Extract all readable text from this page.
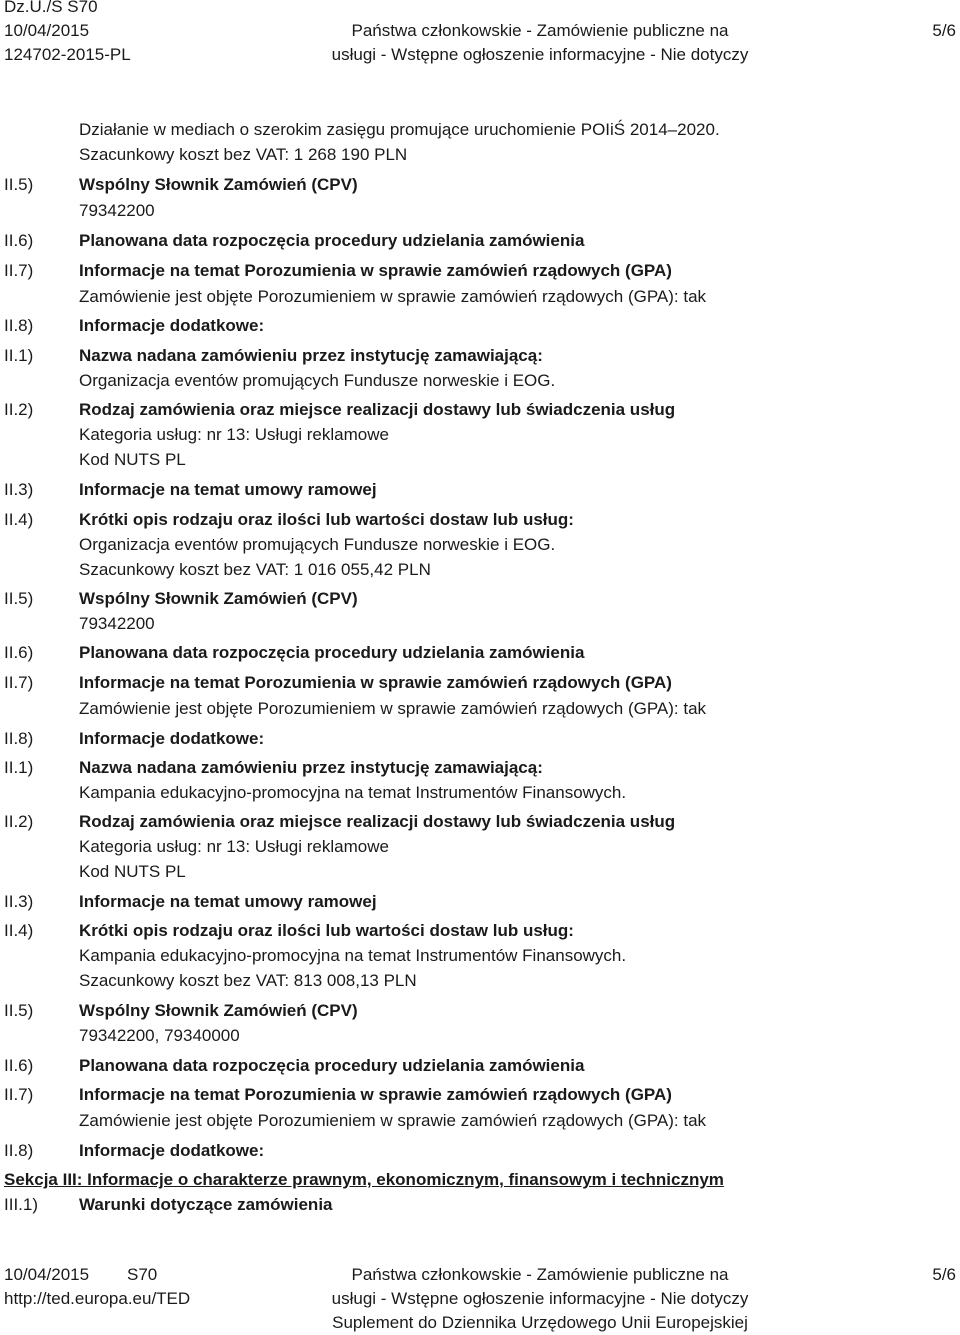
Dz.U./S S70
10/04/2015
124702-2015-PL
Państwa członkowskie - Zamówienie publiczne na
usługi - Wstępne ogłoszenie informacyjne - Nie dotyczy
5/6
Działanie w mediach o szerokim zasięgu promujące uruchomienie POIiŚ 2014–2020.
Szacunkowy koszt bez VAT: 1 268 190 PLN
Wspólny Słownik Zamówień (CPV)
79342200
Planowana data rozpoczęcia procedury udzielania zamówienia
Informacje na temat Porozumienia w sprawie zamówień rządowych (GPA)
Zamówienie jest objęte Porozumieniem w sprawie zamówień rządowych (GPA): tak
Informacje dodatkowe:
Nazwa nadana zamówieniu przez instytucję zamawiającą:
Organizacja eventów promujących Fundusze norweskie i EOG.
Rodzaj zamówienia oraz miejsce realizacji dostawy lub świadczenia usług
Kategoria usług: nr 13: Usługi reklamowe
Kod NUTS PL
Informacje na temat umowy ramowej
Krótki opis rodzaju oraz ilości lub wartości dostaw lub usług:
Organizacja eventów promujących Fundusze norweskie i EOG.
Szacunkowy koszt bez VAT: 1 016 055,42 PLN
Wspólny Słownik Zamówień (CPV)
79342200
Planowana data rozpoczęcia procedury udzielania zamówienia
Informacje na temat Porozumienia w sprawie zamówień rządowych (GPA)
Zamówienie jest objęte Porozumieniem w sprawie zamówień rządowych (GPA): tak
Informacje dodatkowe:
Nazwa nadana zamówieniu przez instytucję zamawiającą:
Kampania edukacyjno-promocyjna na temat Instrumentów Finansowych.
Rodzaj zamówienia oraz miejsce realizacji dostawy lub świadczenia usług
Kategoria usług: nr 13: Usługi reklamowe
Kod NUTS PL
Informacje na temat umowy ramowej
Krótki opis rodzaju oraz ilości lub wartości dostaw lub usług:
Kampania edukacyjno-promocyjna na temat Instrumentów Finansowych.
Szacunkowy koszt bez VAT: 813 008,13 PLN
Wspólny Słownik Zamówień (CPV)
79342200, 79340000
Planowana data rozpoczęcia procedury udzielania zamówienia
Informacje na temat Porozumienia w sprawie zamówień rządowych (GPA)
Zamówienie jest objęte Porozumieniem w sprawie zamówień rządowych (GPA): tak
Informacje dodatkowe:
II.5)
II.6)
II.7)
II.8)
II.1)
II.2)
II.3)
II.4)
II.5)
II.6)
II.7)
II.8)
II.1)
II.2)
II.3)
II.4)
II.5)
II.6)
II.7)
II.8)
Sekcja III: Informacje o charakterze prawnym, ekonomicznym, finansowym i technicznym
III.1)	Warunki dotyczące zamówienia
10/04/2015 S70
http://ted.europa.eu/TED
Państwa członkowskie - Zamówienie publiczne na
usługi - Wstępne ogłoszenie informacyjne - Nie dotyczy
Suplement do Dziennika Urzędowego Unii Europejskiej
5/6
